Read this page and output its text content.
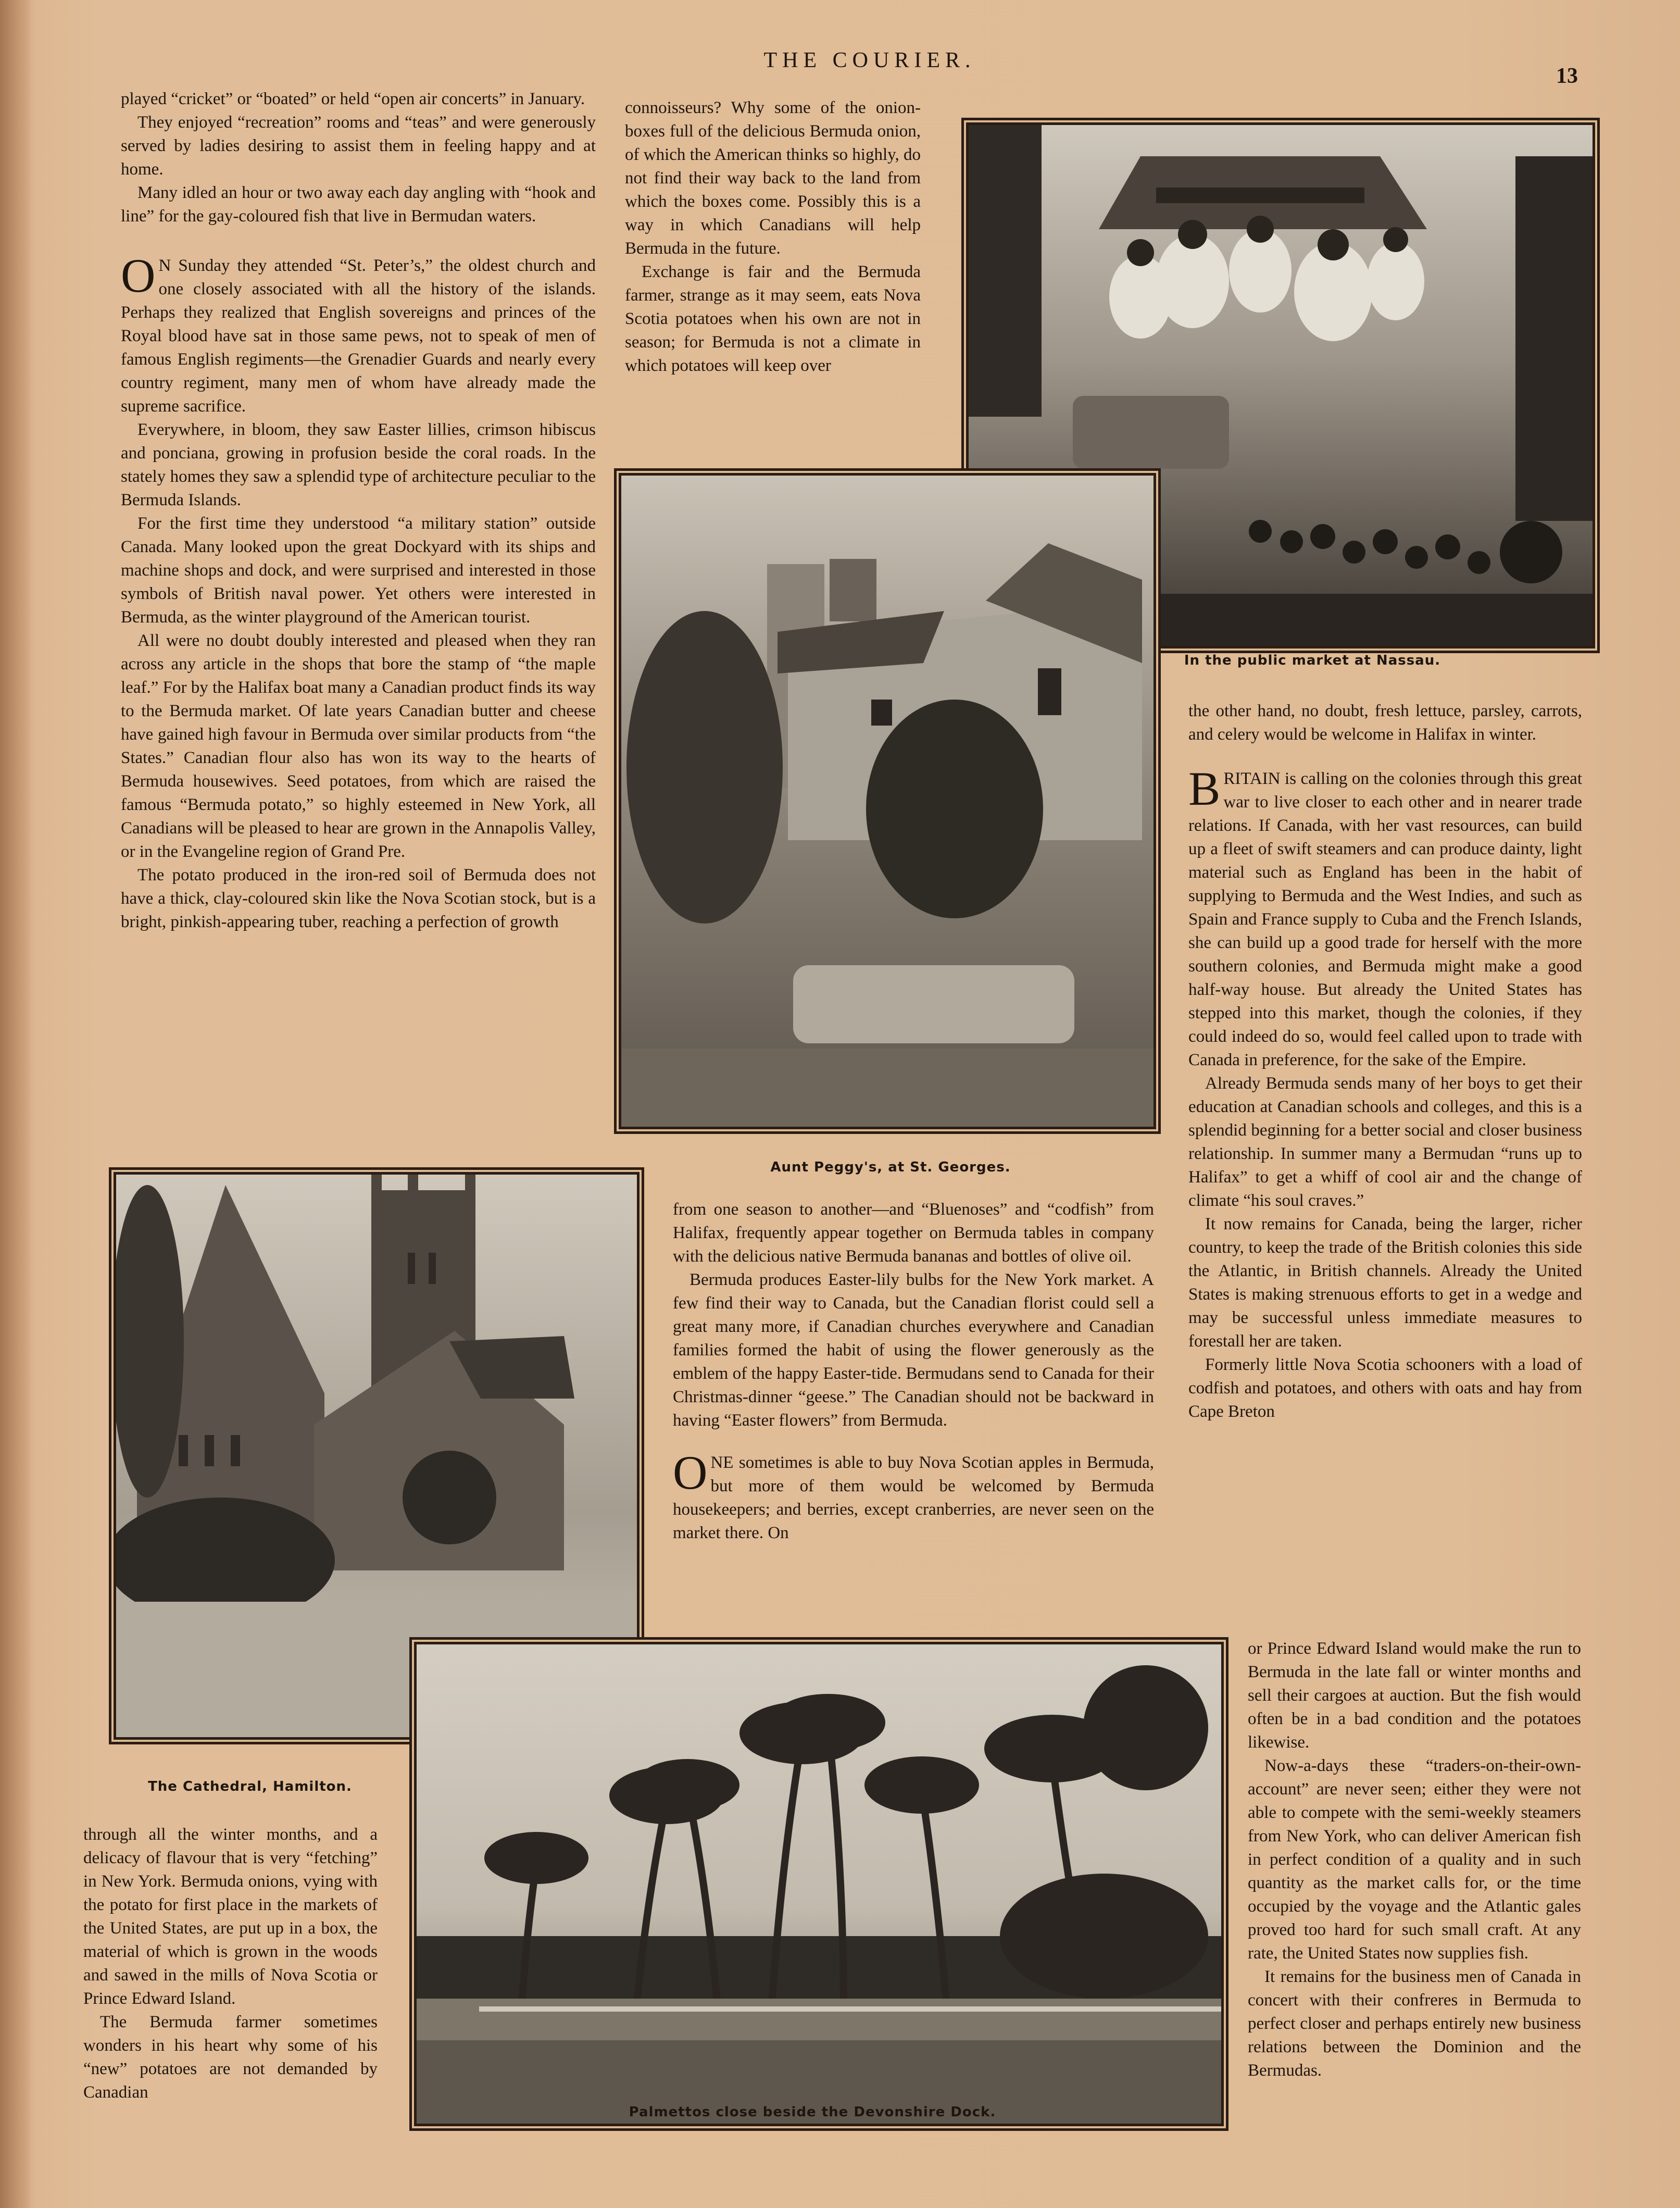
THE COURIER.
13

played “cricket” or “boated” or held “open air concerts” in January.

They enjoyed “recreation” rooms and “teas” and were generously served by ladies desiring to assist them in feeling happy and at home.

Many idled an hour or two away each day angling with “hook and line” for the gay-coloured fish that live in Bermudan waters.

O N Sunday they attended “St. Peter’s,” the oldest church and one closely associated with all the history of the islands. Perhaps they realized that English sovereigns and princes of the Royal blood have sat in those same pews, not to speak of men of famous English regiments—the Grenadier Guards and nearly every country regiment, many men of whom have already made the supreme sacrifice.

Everywhere, in bloom, they saw Easter lillies, crimson hibiscus and ponciana, growing in profusion beside the coral roads. In the stately homes they saw a splendid type of architecture peculiar to the Bermuda Islands.

For the first time they understood “a military station” outside Canada. Many looked upon the great Dockyard with its ships and machine shops and dock, and were surprised and interested in those symbols of British naval power. Yet others were interested in Bermuda, as the winter playground of the American tourist.

All were no doubt doubly interested and pleased when they ran across any article in the shops that bore the stamp of “the maple leaf.” For by the Halifax boat many a Canadian product finds its way to the Bermuda market. Of late years Canadian butter and cheese have gained high favour in Bermuda over similar products from “the States.” Canadian flour also has won its way to the hearts of Bermuda housewives. Seed potatoes, from which are raised the famous “Bermuda potato,” so highly esteemed in New York, all Canadians will be pleased to hear are grown in the Annapolis Valley, or in the Evangeline region of Grand Pre.

The potato produced in the iron-red soil of Bermuda does not have a thick, clay-coloured skin like the Nova Scotian stock, but is a bright, pinkish-appearing tuber, reaching a perfection of growth

connoisseurs? Why some of the onion-boxes full of the delicious Bermuda onion, of which the American thinks so highly, do not find their way back to the land from which the boxes come. Possibly this is a way in which Canadians will help Bermuda in the future.

Exchange is fair and the Bermuda farmer, strange as it may seem, eats Nova Scotia potatoes when his own are not in season; for Bermuda is not a climate in which potatoes will keep over

In the public market at Nassau.
Aunt Peggy's, at St. Georges.

the other hand, no doubt, fresh lettuce, parsley, carrots, and celery would be welcome in Halifax in winter.

BRITAIN is calling on the colonies through this great war to live closer to each other and in nearer trade relations. If Canada, with her vast resources, can build up a fleet of swift steamers and can produce dainty, light material such as England has been in the habit of supplying to Bermuda and the West Indies, and such as Spain and France supply to Cuba and the French Islands, she can build up a good trade for herself with the more southern colonies, and Bermuda might make a good half-way house. But already the United States has stepped into this market, though the colonies, if they could indeed do so, would feel called upon to trade with Canada in preference, for the sake of the Empire.

Already Bermuda sends many of her boys to get their education at Canadian schools and colleges, and this is a splendid beginning for a better social and closer business relationship. In summer many a Bermudan “runs up to Halifax” to get a whiff of cool air and the change of climate “his soul craves.”

It now remains for Canada, being the larger, richer country, to keep the trade of the British colonies this side the Atlantic, in British channels. Already the United States is making strenuous efforts to get in a wedge and may be successful unless immediate measures to forestall her are taken.

Formerly little Nova Scotia schooners with a load of codfish and potatoes, and others with oats and hay from Cape Breton

or Prince Edward Island would make the run to Bermuda in the late fall or winter months and sell their cargoes at auction. But the fish would often be in a bad condition and the potatoes likewise.

Now-a-days these “traders-on-their-own-account” are never seen; either they were not able to compete with the semi-weekly steamers from New York, who can deliver American fish in perfect condition of a quality and in such quantity as the market calls for, or the time occupied by the voyage and the Atlantic gales proved too hard for such small craft. At any rate, the United States now supplies fish.

It remains for the business men of Canada in concert with their confreres in Bermuda to perfect closer and perhaps entirely new business relations between the Dominion and the Bermudas.

from one season to another—and “Bluenoses” and “codfish” from Halifax, frequently appear together on Bermuda tables in company with the delicious native Bermuda bananas and bottles of olive oil.

Bermuda produces Easter-lily bulbs for the New York market. A few find their way to Canada, but the Canadian florist could sell a great many more, if Canadian churches everywhere and Canadian families formed the habit of using the flower generously as the emblem of the happy Easter-tide. Bermudans send to Canada for their Christmas-dinner “geese.” The Canadian should not be backward in having “Easter flowers” from Bermuda.

ONE sometimes is able to buy Nova Scotian apples in Bermuda, but more of them would be welcomed by Bermuda housekeepers; and berries, except cranberries, are never seen on the market there. On

The Cathedral, Hamilton.

through all the winter months, and a delicacy of flavour that is very “fetching” in New York. Bermuda onions, vying with the potato for first place in the markets of the United States, are put up in a box, the material of which is grown in the woods and sawed in the mills of Nova Scotia or Prince Edward Island.

The Bermuda farmer sometimes wonders in his heart why some of his “new” potatoes are not demanded by Canadian

Palmettos close beside the Devonshire Dock.
